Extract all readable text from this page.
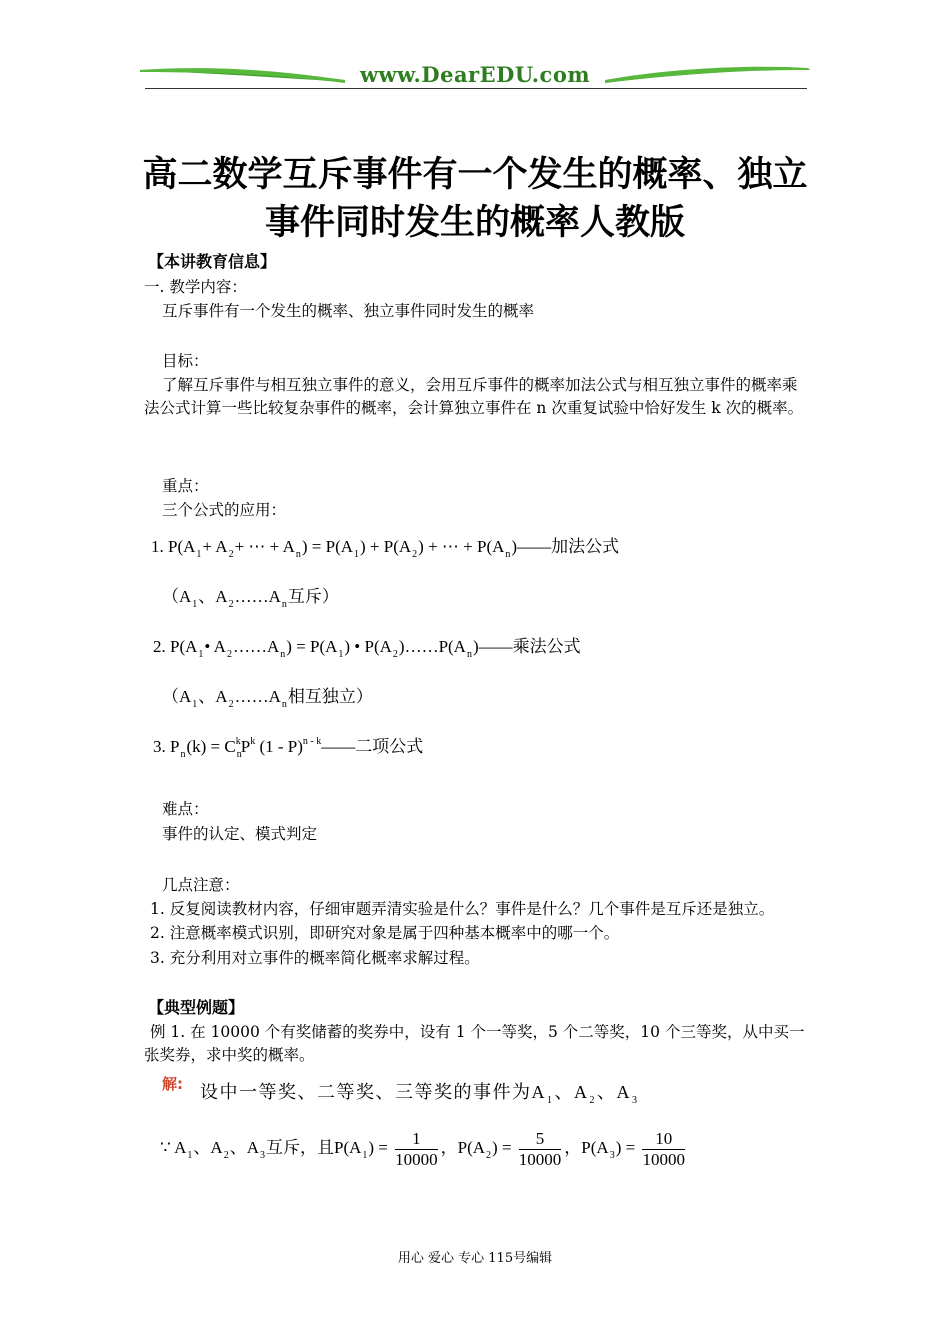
www.DearEDU.com
高二数学互斥事件有一个发生的概率、独立
事件同时发生的概率人教版
【本讲教育信息】
一. 教学内容：
互斥事件有一个发生的概率、独立事件同时发生的概率
目标：
了解互斥事件与相互独立事件的意义，会用互斥事件的概率加法公式与相互独立事件的概率乘法公式计算一些比较复杂事件的概率，会计算独立事件在 n 次重复试验中恰好发生 k 次的概率。
重点：
三个公式的应用：
1. $P(A_1+ A_2+$ ⋯ + $A_n) = P(A_1) + P(A_2)$ + ⋯ + $P(A_n)——$加法公式
（$A_1$、$A_2\dots\dots A_n$互斥）
2. $P(A_1•$ $A_2\dots\dots A_n) = P(A_1)$ • $P(A_2)\dots\dots P(A_n)——$乘法公式
（$A_1$、$A_2\dots\dots A_n$相互独立）
3. $P_n(k) = C_n^kP^k$ (1 - P)$^{n - k}$——二项公式
难点：
事件的认定、模式判定
几点注意：
1. 反复阅读教材内容，仔细审题弄清实验是什么？事件是什么？几个事件是互斥还是独立。
2. 注意概率模式识别，即研究对象是属于四种基本概率中的哪一个。
3. 充分利用对立事件的概率简化概率求解过程。
【典型例题】
例 1. 在 10000 个有奖储蓄的奖券中，设有 1 个一等奖，5 个二等奖，10 个三等奖，从中买一张奖券，求中奖的概率。
解: 设中一等奖、二等奖、三等奖的事件为$A_1$、$A_2$、$A_3$
∵ $A_1$、$A_2$、$A_3$互斥，且$P(A_1) = \frac{1}{10000}$ ，$P(A_2) = \frac{5}{10000}$ ，$P(A_3) = \frac{10}{10000}$
用心 爱心 专心 115号编辑
